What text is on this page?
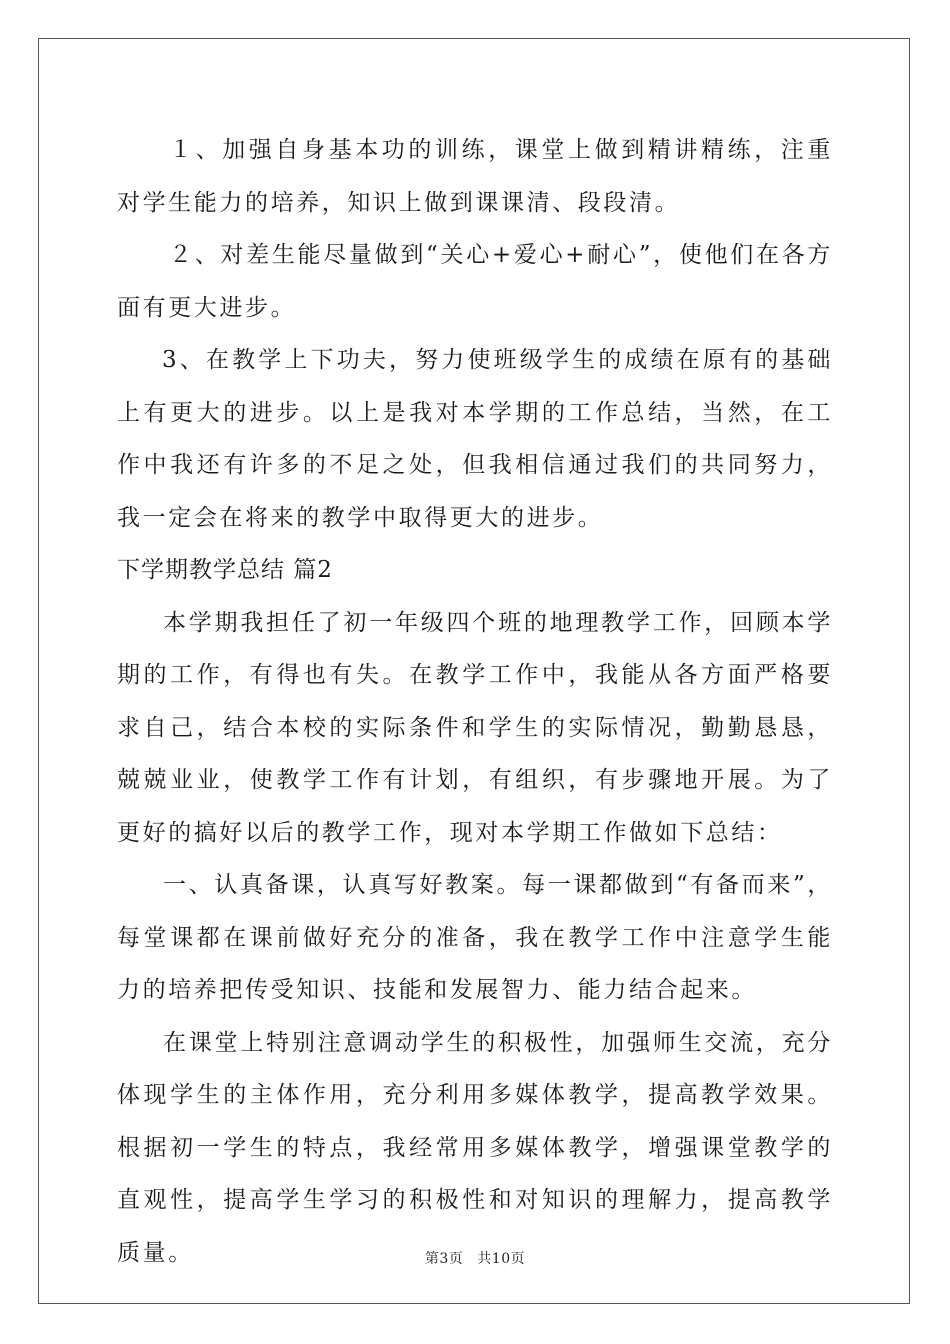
１、加强自身基本功的训练，课堂上做到精讲精练，注重对学生能力的培养，知识上做到课课清、段段清。

２、对差生能尽量做到“关心+爱心+耐心”，使他们在各方面有更大进步。

3、在教学上下功夫，努力使班级学生的成绩在原有的基础上有更大的进步。以上是我对本学期的工作总结，当然，在工作中我还有许多的不足之处，但我相信通过我们的共同努力，我一定会在将来的教学中取得更大的进步。

下学期教学总结 篇2

本学期我担任了初一年级四个班的地理教学工作，回顾本学期的工作，有得也有失。在教学工作中，我能从各方面严格要求自己，结合本校的实际条件和学生的实际情况，勤勤恳恳，兢兢业业，使教学工作有计划，有组织，有步骤地开展。为了更好的搞好以后的教学工作，现对本学期工作做如下总结：

一、认真备课，认真写好教案。每一课都做到“有备而来”，每堂课都在课前做好充分的准备，我在教学工作中注意学生能力的培养把传受知识、技能和发展智力、能力结合起来。

在课堂上特别注意调动学生的积极性，加强师生交流，充分体现学生的主体作用，充分利用多媒体教学，提高教学效果。根据初一学生的特点，我经常用多媒体教学，增强课堂教学的直观性，提高学生学习的积极性和对知识的理解力，提高教学质量。	第3页 共10页
